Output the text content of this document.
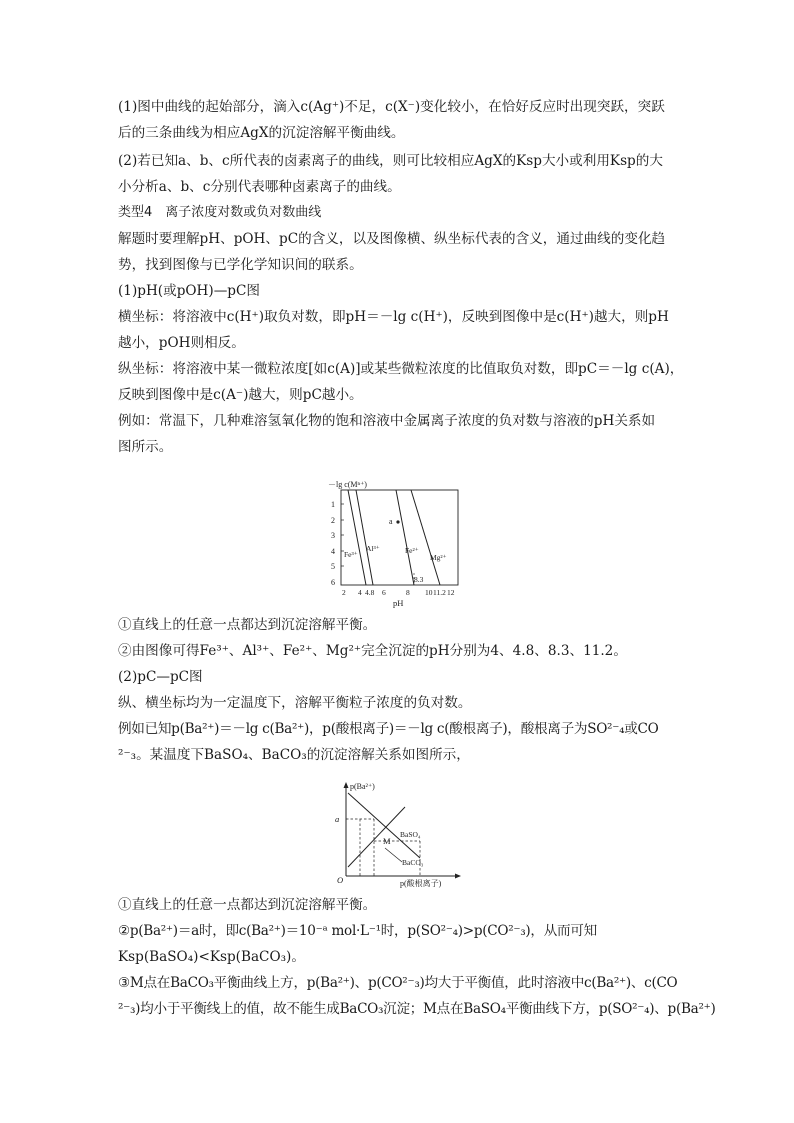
(1)图中曲线的起始部分，滴入c(Ag⁺)不足，c(X⁻)变化较小，在恰好反应时出现突跃，突跃
后的三条曲线为相应AgX的沉淀溶解平衡曲线。
(2)若已知a、b、c所代表的卤素离子的曲线，则可比较相应AgX的Ksp大小或利用Ksp的大
小分析a、b、c分别代表哪种卤素离子的曲线。
类型4　离子浓度对数或负对数曲线
解题时要理解pH、pOH、pC的含义，以及图像横、纵坐标代表的含义，通过曲线的变化趋
势，找到图像与已学化学知识间的联系。
(1)pH(或pOH)—pC图
横坐标：将溶液中c(H⁺)取负对数，即pH＝－lg c(H⁺)，反映到图像中是c(H⁺)越大，则pH
越小，pOH则相反。
纵坐标：将溶液中某一微粒浓度[如c(A)]或某些微粒浓度的比值取负对数，即pC＝－lg c(A)，
反映到图像中是c(A⁻)越大，则pC越小。
例如：常温下，几种难溶氢氧化物的饱和溶液中金属离子浓度的负对数与溶液的pH关系如
图所示。
①直线上的任意一点都达到沉淀溶解平衡。
②由图像可得Fe³⁺、Al³⁺、Fe²⁺、Mg²⁺完全沉淀的pH分别为4、4.8、8.3、11.2。
(2)pC—pC图
纵、横坐标均为一定温度下，溶解平衡粒子浓度的负对数。
例如已知p(Ba²⁺)＝－lg c(Ba²⁺)，p(酸根离子)＝－lg c(酸根离子)，酸根离子为SO²⁻₄或CO
²⁻₃。某温度下BaSO₄、BaCO₃的沉淀溶解关系如图所示，
①直线上的任意一点都达到沉淀溶解平衡。
②p(Ba²⁺)＝a时，即c(Ba²⁺)＝10⁻ᵃ mol·L⁻¹时，p(SO²⁻₄)>p(CO²⁻₃)，从而可知
Ksp(BaSO₄)<Ksp(BaCO₃)。
③M点在BaCO₃平衡曲线上方，p(Ba²⁺)、p(CO²⁻₃)均大于平衡值，此时溶液中c(Ba²⁺)、c(CO
²⁻₃)均小于平衡线上的值，故不能生成BaCO₃沉淀；M点在BaSO₄平衡曲线下方，p(SO²⁻₄)、p(Ba²⁺)
－lg c(Mⁿ⁺)
1
2
3
4
5
6
2 4 4.8 6	8 10 11.2 12
pH
Fe³⁺
Al³⁺	Fe²⁺
Mg²⁺
a
8.3
p(Ba²⁺)
O	p(酸根离子)
a
M
BaSO₄
BaCO₃
